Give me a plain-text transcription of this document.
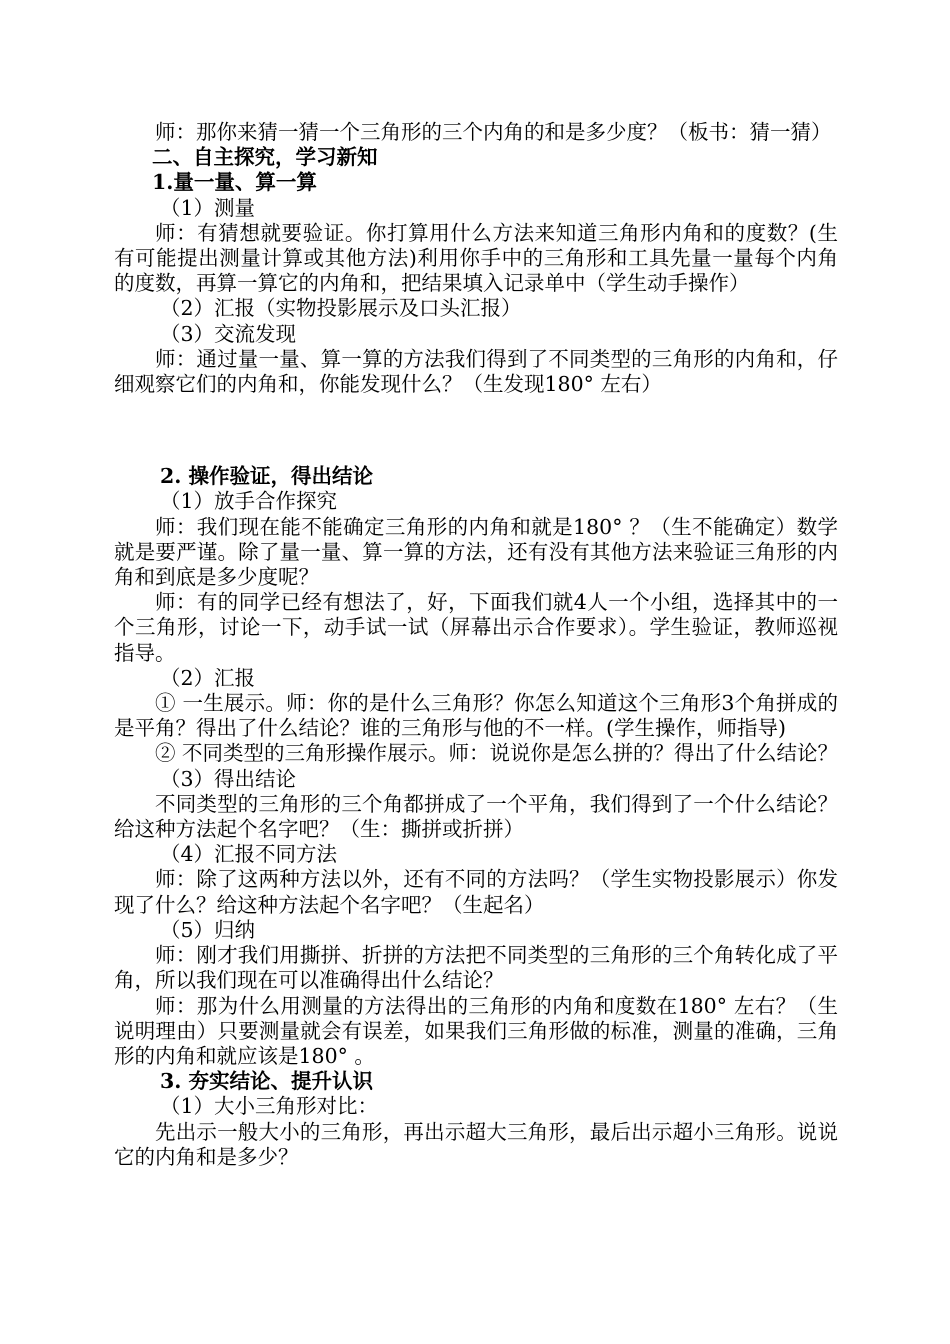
师：那你来猜一猜一个三角形的三个内角的和是多少度？（板书：猜一猜）

二、自主探究，学习新知

1.量一量、算一算

（1）测量

师：有猜想就要验证。你打算用什么方法来知道三角形内角和的度数？(生有可能提出测量计算或其他方法)利用你手中的三角形和工具先量一量每个内角的度数，再算一算它的内角和，把结果填入记录单中（学生动手操作）

（2）汇报（实物投影展示及口头汇报）

（3）交流发现

师：通过量一量、算一算的方法我们得到了不同类型的三角形的内角和，仔细观察它们的内角和，你能发现什么？（生发现180° 左右）

2. 操作验证，得出结论

（1）放手合作探究

师：我们现在能不能确定三角形的内角和就是180° ？（生不能确定）数学就是要严谨。除了量一量、算一算的方法，还有没有其他方法来验证三角形的内角和到底是多少度呢？

师：有的同学已经有想法了，好，下面我们就4人一个小组，选择其中的一个三角形，讨论一下，动手试一试（屏幕出示合作要求）。学生验证，教师巡视指导。

（2）汇报

① 一生展示。师：你的是什么三角形？你怎么知道这个三角形3个角拼成的是平角？得出了什么结论？谁的三角形与他的不一样。(学生操作，师指导)

② 不同类型的三角形操作展示。师：说说你是怎么拼的？得出了什么结论？

（3）得出结论

不同类型的三角形的三个角都拼成了一个平角，我们得到了一个什么结论？给这种方法起个名字吧？（生：撕拼或折拼）

（4）汇报不同方法

师：除了这两种方法以外，还有不同的方法吗？（学生实物投影展示）你发现了什么？给这种方法起个名字吧？（生起名）

（5）归纳

师：刚才我们用撕拼、折拼的方法把不同类型的三角形的三个角转化成了平角，所以我们现在可以准确得出什么结论？

师：那为什么用测量的方法得出的三角形的内角和度数在180° 左右？（生说明理由）只要测量就会有误差，如果我们三角形做的标准，测量的准确，三角形的内角和就应该是180° 。

3. 夯实结论、提升认识

（1）大小三角形对比：

先出示一般大小的三角形，再出示超大三角形，最后出示超小三角形。说说它的内角和是多少？
